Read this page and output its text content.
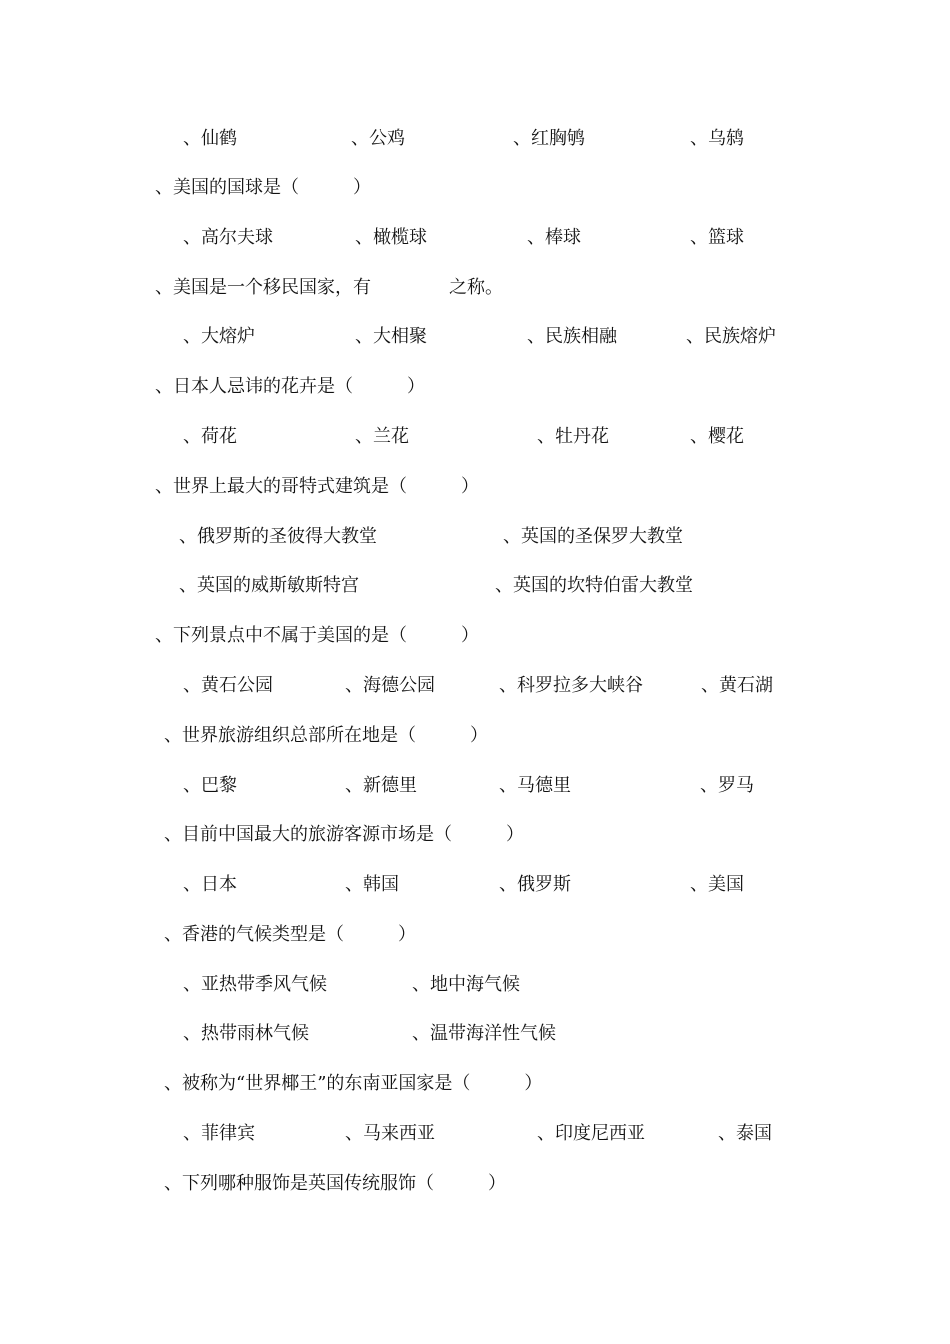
、仙鹤	、公鸡	、红胸鸲	、乌鸫
、美国的国球是（　　　）
、高尔夫球	、橄榄球	、棒球	、篮球
、美国是一个移民国家，有	之称。
、大熔炉	、大相聚	、民族相融	、民族熔炉
、日本人忌讳的花卉是（　　　）
、荷花	、兰花	、牡丹花	、樱花
、世界上最大的哥特式建筑是（　　　）
、俄罗斯的圣彼得大教堂	、英国的圣保罗大教堂
、英国的威斯敏斯特宫	、英国的坎特伯雷大教堂
、下列景点中不属于美国的是（　　　）
、黄石公园	、海德公园	、科罗拉多大峡谷	、黄石湖
、世界旅游组织总部所在地是（　　　）
、巴黎	、新德里	、马德里	、罗马
、目前中国最大的旅游客源市场是（　　　）
、日本	、韩国	、俄罗斯	、美国
、香港的气候类型是（　　　）
、亚热带季风气候	、地中海气候
、热带雨林气候	、温带海洋性气候
、被称为“世界椰王”的东南亚国家是（　　　）
、菲律宾	、马来西亚	、印度尼西亚	、泰国
、下列哪种服饰是英国传统服饰（　　　）
